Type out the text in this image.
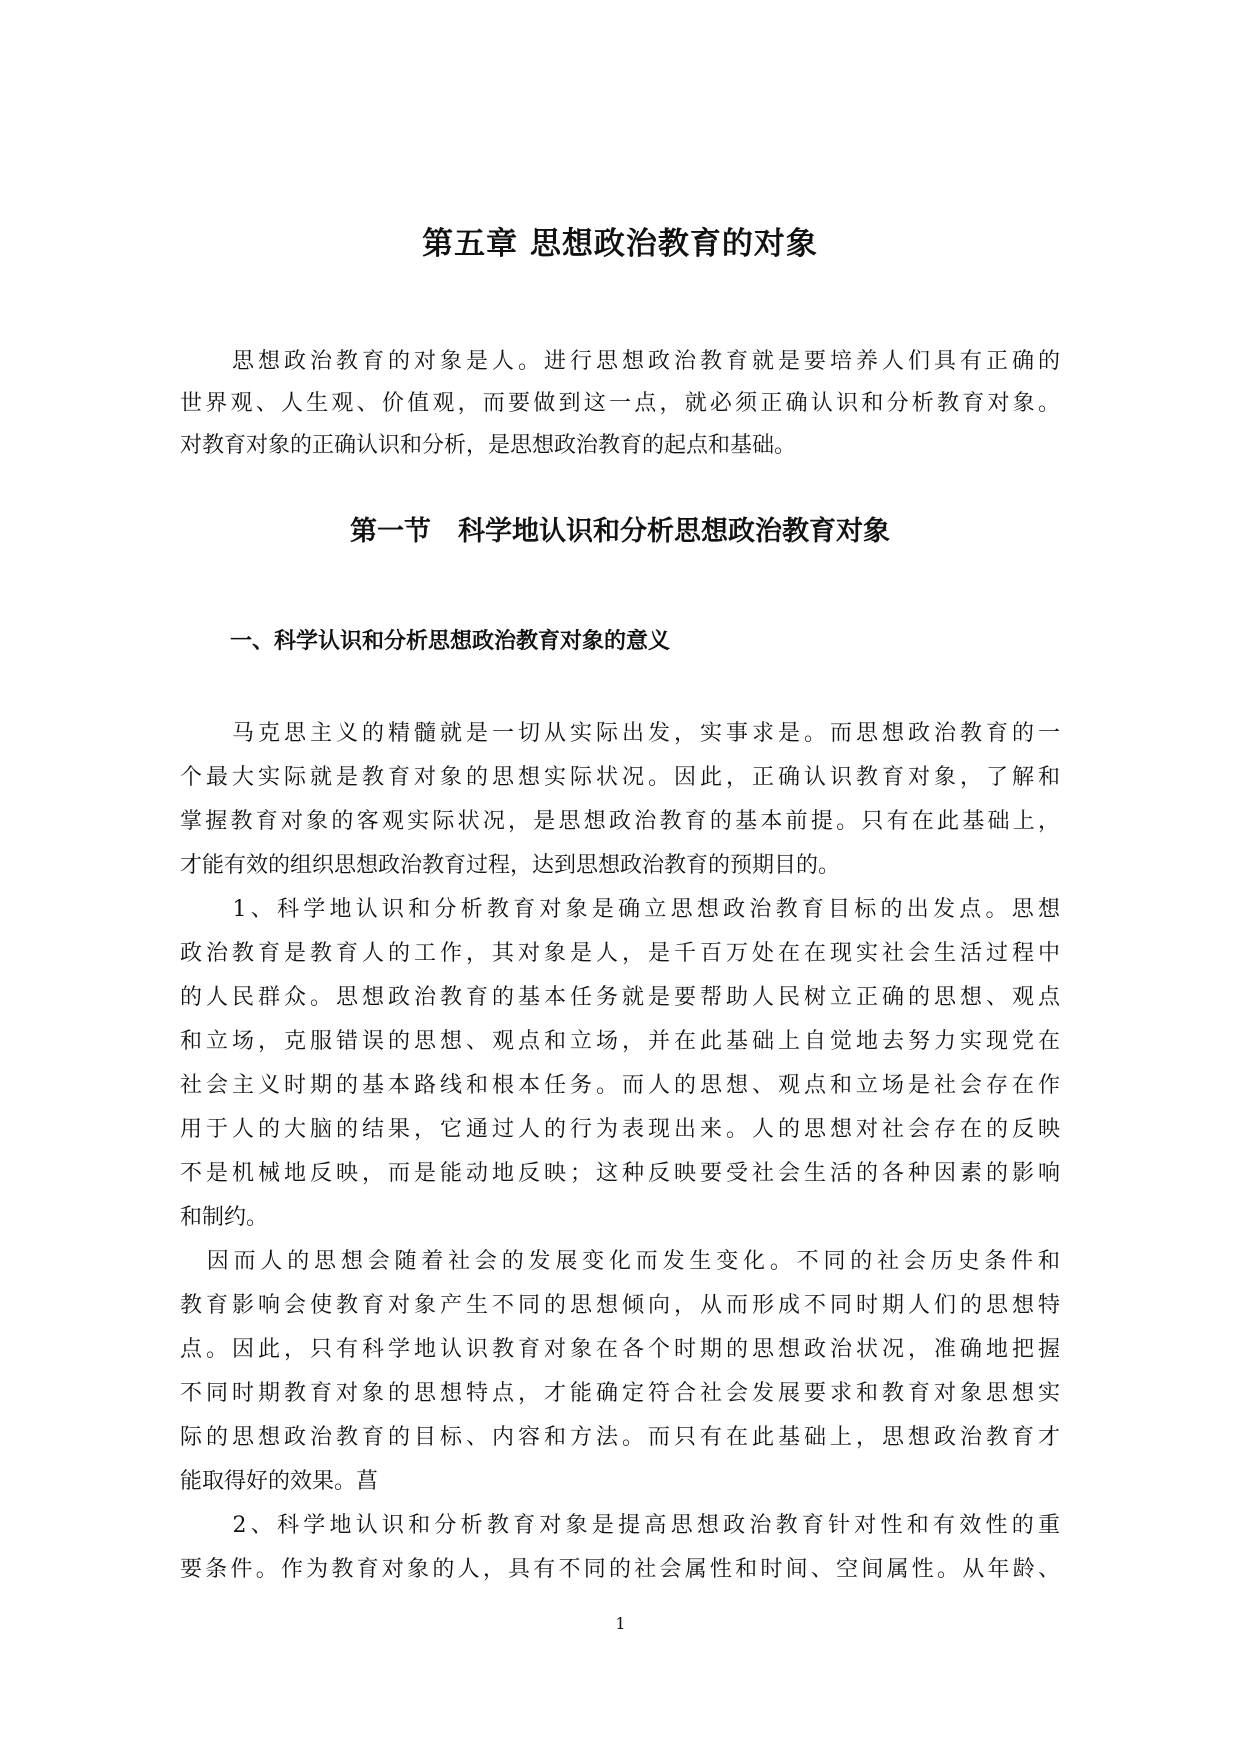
第五章 思想政治教育的对象
　　思想政治教育的对象是人。进行思想政治教育就是要培养人们具有正确的
世界观、人生观、价值观，而要做到这一点，就必须正确认识和分析教育对象。
对教育对象的正确认识和分析，是思想政治教育的起点和基础。
第一节　科学地认识和分析思想政治教育对象
一、科学认识和分析思想政治教育对象的意义
　　马克思主义的精髓就是一切从实际出发，实事求是。而思想政治教育的一
个最大实际就是教育对象的思想实际状况。因此，正确认识教育对象，了解和
掌握教育对象的客观实际状况，是思想政治教育的基本前提。只有在此基础上，
才能有效的组织思想政治教育过程，达到思想政治教育的预期目的。
　　1、科学地认识和分析教育对象是确立思想政治教育目标的出发点。思想
政治教育是教育人的工作，其对象是人，是千百万处在在现实社会生活过程中
的人民群众。思想政治教育的基本任务就是要帮助人民树立正确的思想、观点
和立场，克服错误的思想、观点和立场，并在此基础上自觉地去努力实现党在
社会主义时期的基本路线和根本任务。而人的思想、观点和立场是社会存在作
用于人的大脑的结果，它通过人的行为表现出来。人的思想对社会存在的反映
不是机械地反映，而是能动地反映；这种反映要受社会生活的各种因素的影响
和制约。
　因而人的思想会随着社会的发展变化而发生变化。不同的社会历史条件和
教育影响会使教育对象产生不同的思想倾向，从而形成不同时期人们的思想特
点。因此，只有科学地认识教育对象在各个时期的思想政治状况，准确地把握
不同时期教育对象的思想特点，才能确定符合社会发展要求和教育对象思想实
际的思想政治教育的目标、内容和方法。而只有在此基础上，思想政治教育才
能取得好的效果。菖
　　2、科学地认识和分析教育对象是提高思想政治教育针对性和有效性的重
要条件。作为教育对象的人，具有不同的社会属性和时间、空间属性。从年龄、
1
